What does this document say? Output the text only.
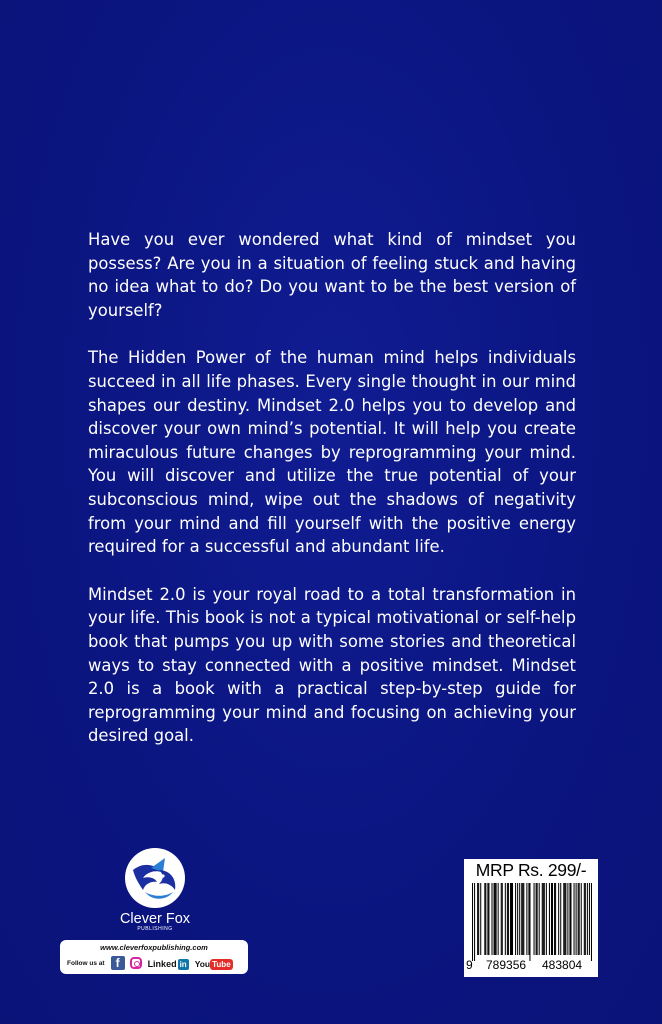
Have you ever wondered what kind of mindset you possess? Are you in a situation of feeling stuck and having no idea what to do? Do you want to be the best version of yourself?

The Hidden Power of the human mind helps individuals succeed in all life phases. Every single thought in our mind shapes our destiny. Mindset 2.0 helps you to develop and discover your own mind’s potential. It will help you create miraculous future changes by reprogramming your mind. You will discover and utilize the true potential of your subconscious mind, wipe out the shadows of negativity from your mind and fill yourself with the positive energy required for a successful and abundant life.

Mindset 2.0 is your royal road to a total transformation in your life. This book is not a typical motivational or self-help book that pumps you up with some stories and theoretical ways to stay connected with a positive mindset. Mindset 2.0 is a book with a practical step-by-step guide for reprogramming your mind and focusing on achieving your desired goal.

Clever Fox
PUBLISHING
www.cleverfoxpublishing.com
Follow us at f	Linked in You Tube
MRP Rs. 299/-
9 789356 483804
